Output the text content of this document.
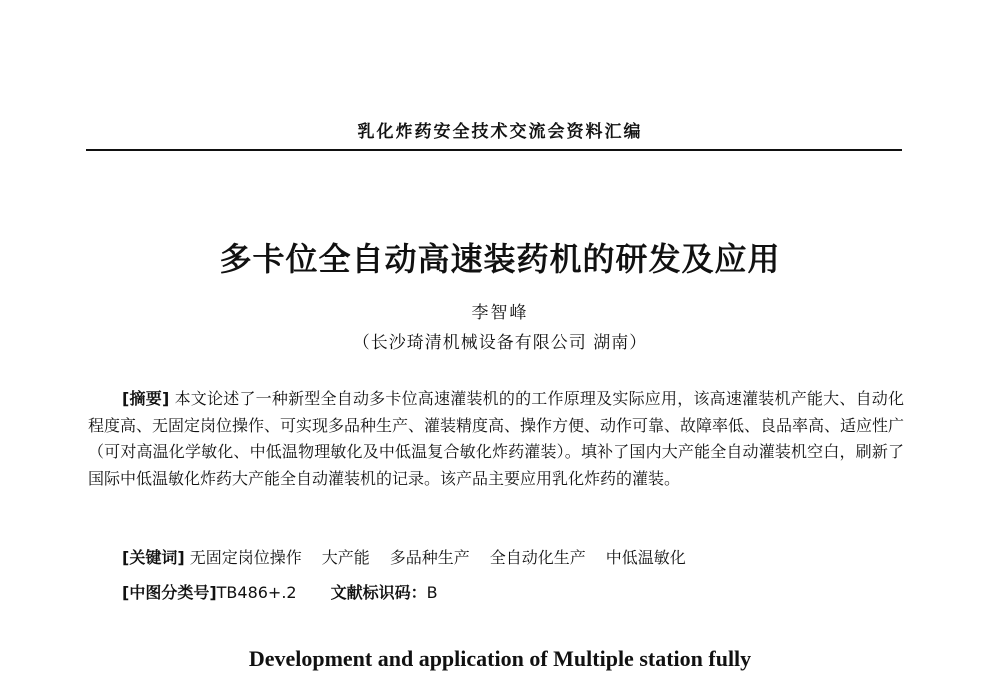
乳化炸药安全技术交流会资料汇编
多卡位全自动高速装药机的研发及应用
李智峰
（长沙琦清机械设备有限公司 湖南）

[摘要] 本文论述了一种新型全自动多卡位高速灌装机的的工作原理及实际应用，该高速灌装机产能大、自动化程度高、无固定岗位操作、可实现多品种生产、灌装精度高、操作方便、动作可靠、故障率低、良品率高、适应性广（可对高温化学敏化、中低温物理敏化及中低温复合敏化炸药灌装）。填补了国内大产能全自动灌装机空白，刷新了国际中低温敏化炸药大产能全自动灌装机的记录。该产品主要应用乳化炸药的灌装。

[关键词] 无固定岗位操作 大产能 多品种生产 全自动化生产 中低温敏化
[中图分类号]TB486+.2 文献标识码：B
Development and application of Multiple station fully
